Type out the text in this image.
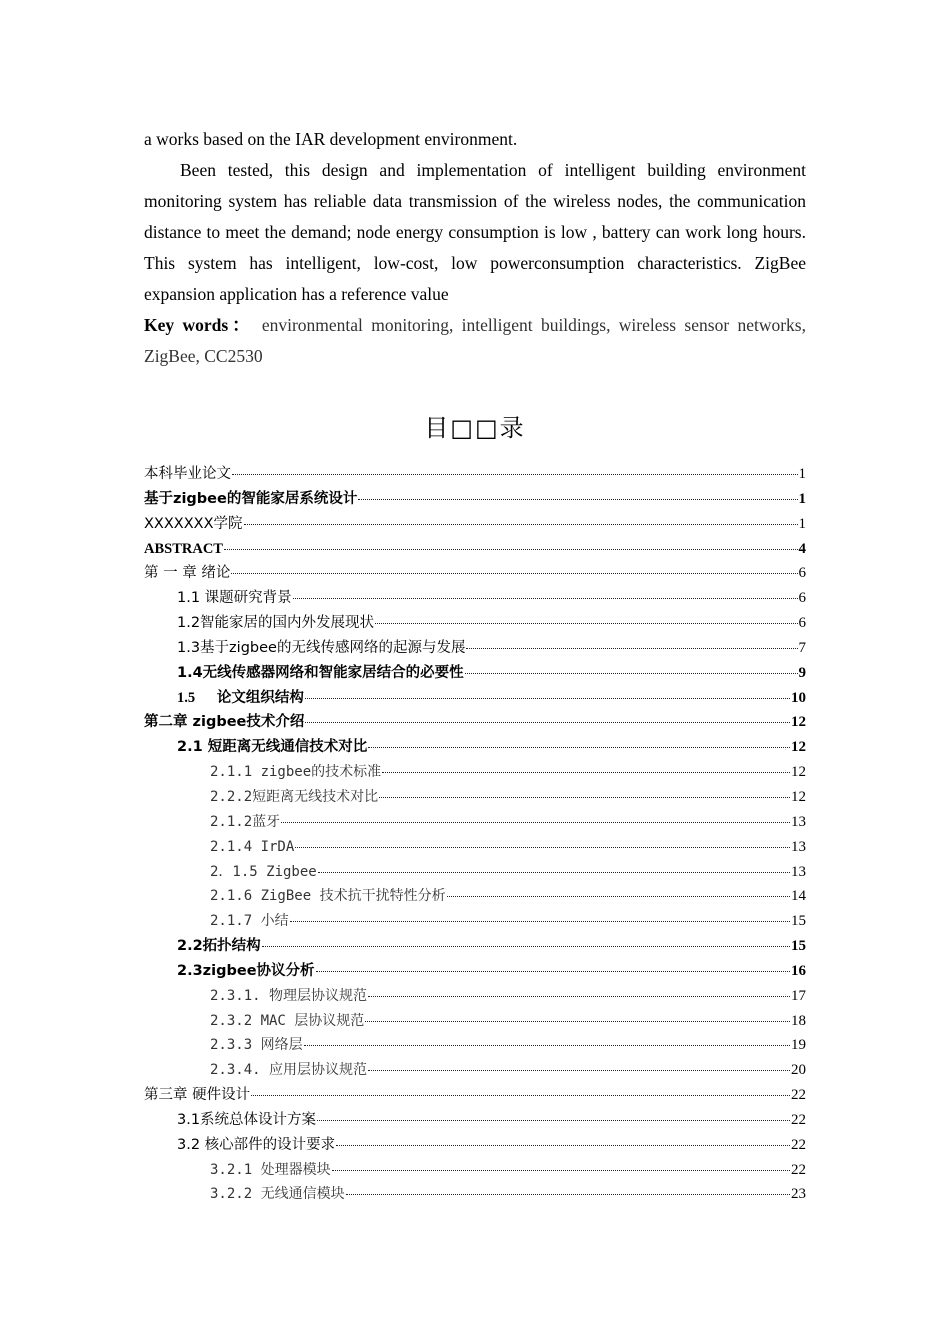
a works based on the IAR development environment.

Been tested, this design and implementation of intelligent building environment monitoring system has reliable data transmission of the wireless nodes, the communication distance to meet the demand; node energy consumption is low , battery can work long hours. This system has intelligent, low-cost, low powerconsumption characteristics. ZigBee expansion application has a reference value

Key words： environmental monitoring, intelligent buildings, wireless sensor networks, ZigBee, CC2530

目□□录
本科毕业论文	1
基于zigbee的智能家居系统设计	1
XXXXXXX学院	1
ABSTRACT	4
第 一 章 绪论	6
1.1 课题研究背景	6
1.2智能家居的国内外发展现状	6
1.3基于zigbee的无线传感网络的起源与发展	7
1.4无线传感器网络和智能家居结合的必要性	9
1.5      论文组织结构	10
第二章 zigbee技术介绍	12
2.1 短距离无线通信技术对比	12
2.1.1 zigbee的技术标准	12
2.2.2短距离无线技术对比	12
2.1.2蓝牙	13
2.1.4 IrDA	13
2．1.5 Zigbee	13
2.1.6 ZigBee 技术抗干扰特性分析	14
2.1.7 小结	15
2.2拓扑结构	15
2.3zigbee协议分析	16
2.3.1. 物理层协议规范	17
2.3.2 MAC 层协议规范	18
2.3.3 网络层	19
2.3.4. 应用层协议规范	20
第三章 硬件设计	22
3.1系统总体设计方案	22
3.2 核心部件的设计要求	22
3.2.1 处理器模块	22
3.2.2 无线通信模块	23
